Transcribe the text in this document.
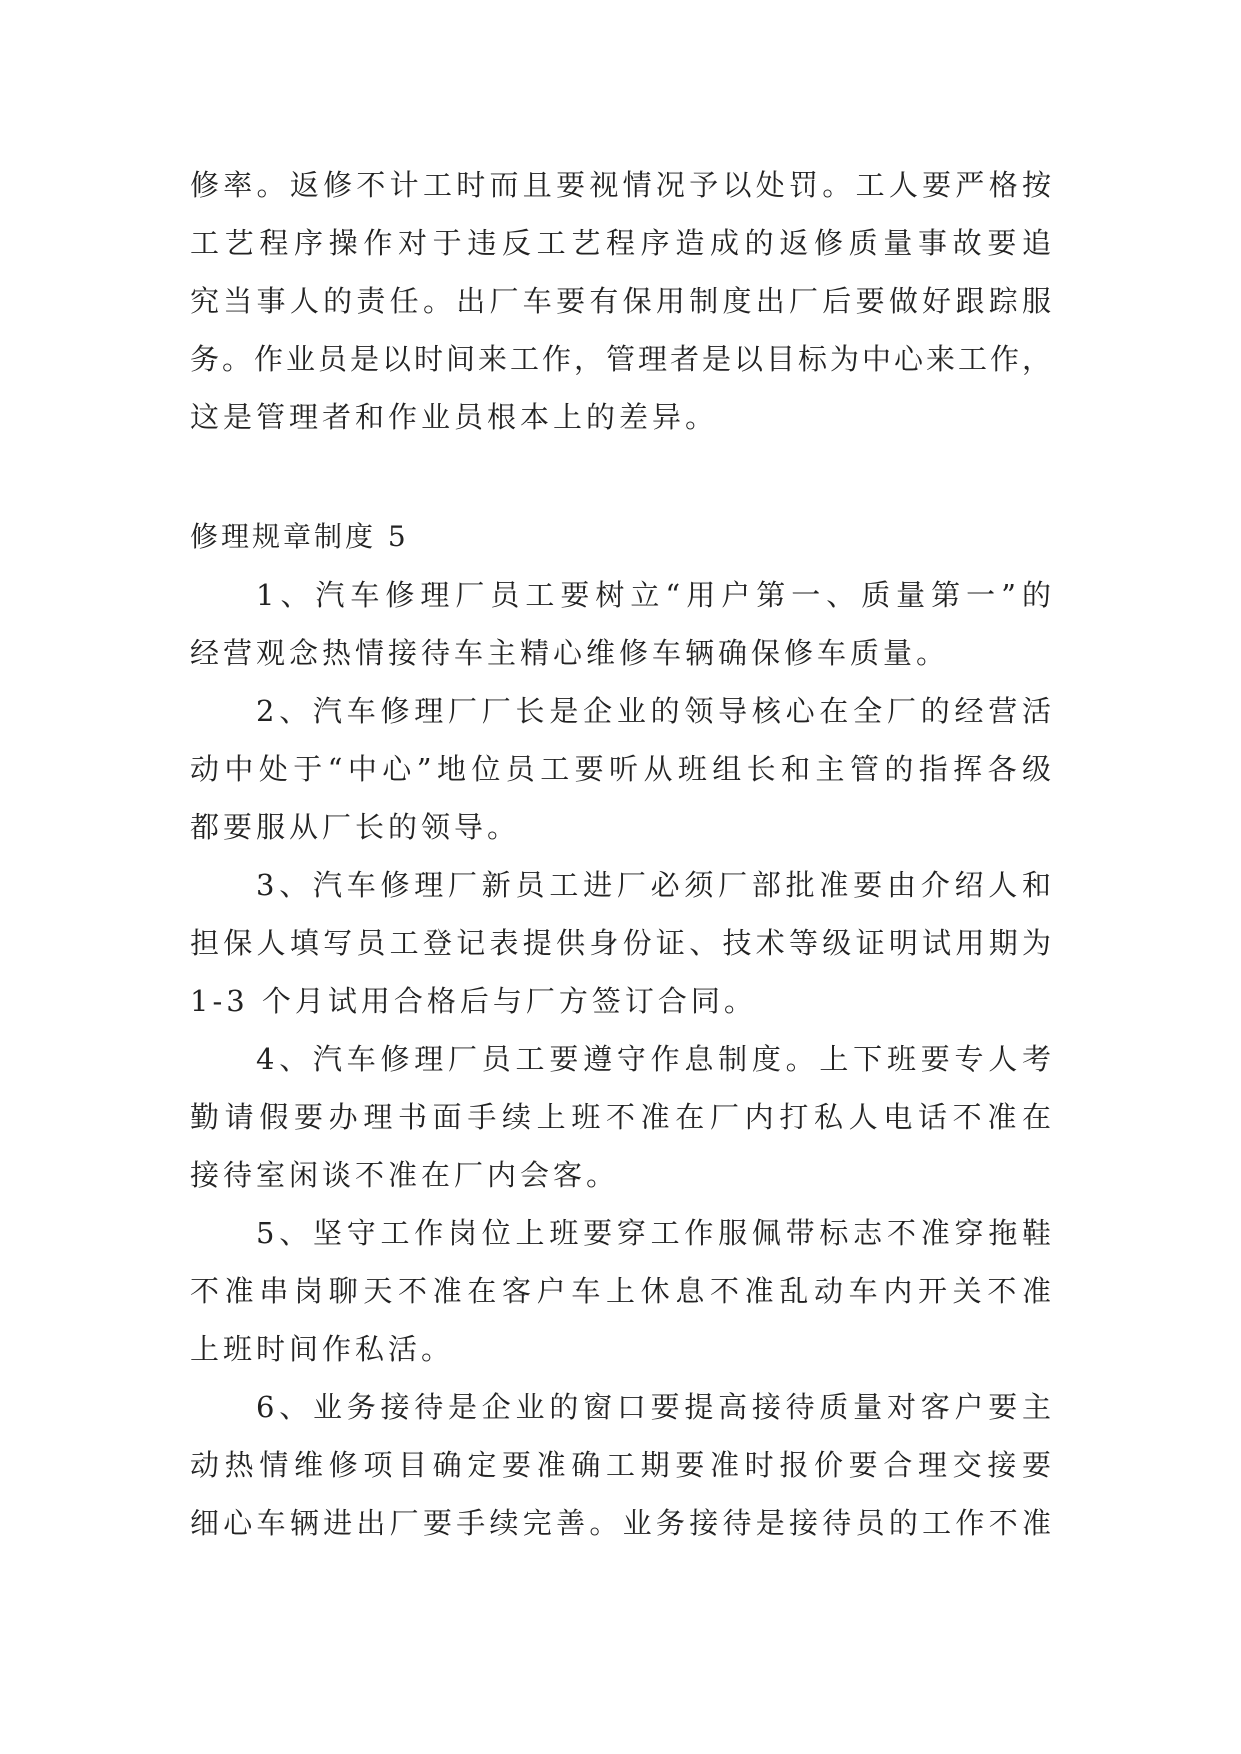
修率。返修不计工时而且要视情况予以处罚。工人要严格按
工艺程序操作对于违反工艺程序造成的返修质量事故要追
究当事人的责任。出厂车要有保用制度出厂后要做好跟踪服
务。作业员是以时间来工作，管理者是以目标为中心来工作，
这是管理者和作业员根本上的差异。
修理规章制度 5
1、汽车修理厂员工要树立“用户第一、质量第一”的
经营观念热情接待车主精心维修车辆确保修车质量。
2、汽车修理厂厂长是企业的领导核心在全厂的经营活
动中处于“中心”地位员工要听从班组长和主管的指挥各级
都要服从厂长的领导。
3、汽车修理厂新员工进厂必须厂部批准要由介绍人和
担保人填写员工登记表提供身份证、技术等级证明试用期为
1-3 个月试用合格后与厂方签订合同。
4、汽车修理厂员工要遵守作息制度。上下班要专人考
勤请假要办理书面手续上班不准在厂内打私人电话不准在
接待室闲谈不准在厂内会客。
5、坚守工作岗位上班要穿工作服佩带标志不准穿拖鞋
不准串岗聊天不准在客户车上休息不准乱动车内开关不准
上班时间作私活。
6、业务接待是企业的窗口要提高接待质量对客户要主
动热情维修项目确定要准确工期要准时报价要合理交接要
细心车辆进出厂要手续完善。业务接待是接待员的工作不准
